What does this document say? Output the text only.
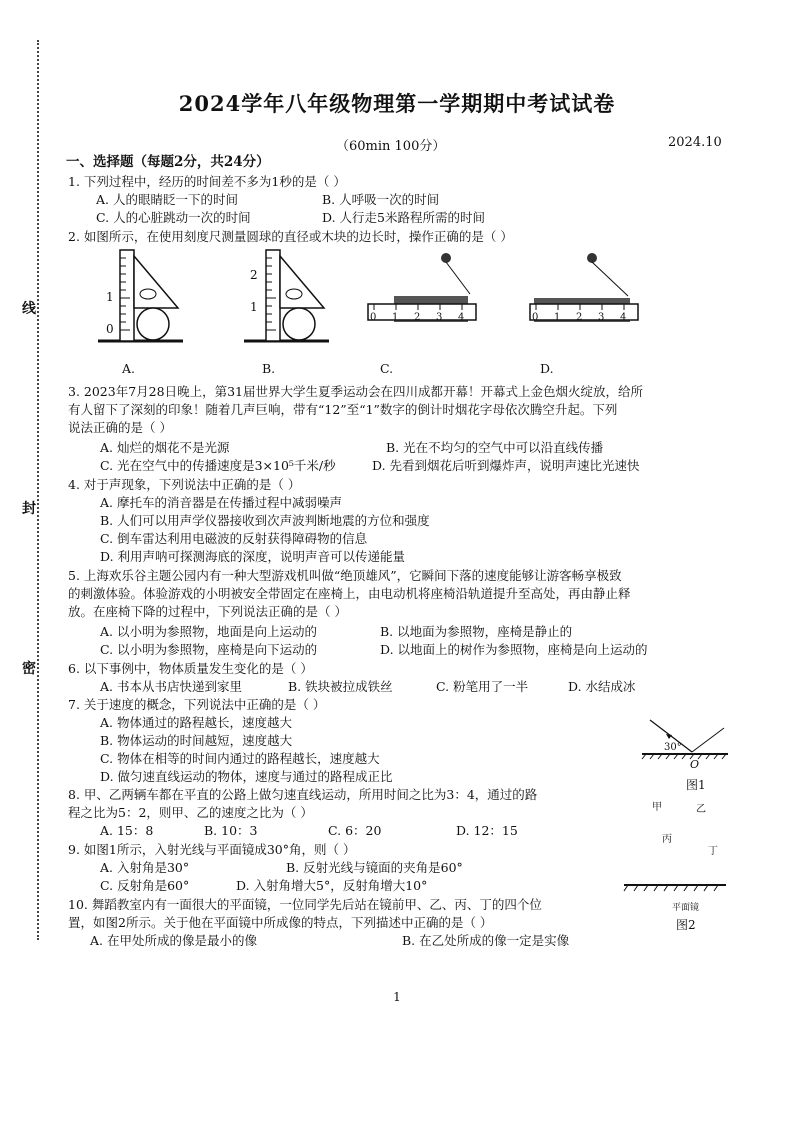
线
封
密
2024学年八年级物理第一学期期中考试试卷
（60min 100分）	2024.10
一、选择题（每题2分，共24分）
1. 下列过程中，经历的时间差不多为1秒的是（ ）
A. 人的眼睛眨一下的时间	B. 人呼吸一次的时间
C. 人的心脏跳动一次的时间	D. 人行走5米路程所需的时间
2. 如图所示，在使用刻度尺测量圆球的直径或木块的边长时，操作正确的是（ ）
1
0
2
1
0 1 2 3 4	0 1 2 3 4
A.	B.	C.	D.
3. 2023年7月28日晚上，第31届世界大学生夏季运动会在四川成都开幕！开幕式上金色烟火绽放，给所
有人留下了深刻的印象！随着几声巨响，带有“12”至“1”数字的倒计时烟花字母依次腾空升起。下列
说法正确的是（ ）
A. 灿烂的烟花不是光源	B. 光在不均匀的空气中可以沿直线传播
C. 光在空气中的传播速度是3×10⁵千米/秒	D. 先看到烟花后听到爆炸声，说明声速比光速快
4. 对于声现象，下列说法中正确的是（ ）
A. 摩托车的消音器是在传播过程中减弱噪声
B. 人们可以用声学仪器接收到次声波判断地震的方位和强度
C. 倒车雷达利用电磁波的反射获得障碍物的信息
D. 利用声呐可探测海底的深度，说明声音可以传递能量
5. 上海欢乐谷主题公园内有一种大型游戏机叫做“绝顶雄风”，它瞬间下落的速度能够让游客畅享极致
的刺激体验。体验游戏的小明被安全带固定在座椅上，由电动机将座椅沿轨道提升至高处，再由静止释
放。在座椅下降的过程中，下列说法正确的是（ ）
A. 以小明为参照物，地面是向上运动的	B. 以地面为参照物，座椅是静止的
C. 以小明为参照物，座椅是向下运动的	D. 以地面上的树作为参照物，座椅是向上运动的
6. 以下事例中，物体质量发生变化的是（ ）
A. 书本从书店快递到家里	B. 铁块被拉成铁丝	C. 粉笔用了一半	D. 水结成冰
7. 关于速度的概念，下列说法中正确的是（ ）
A. 物体通过的路程越长，速度越大
B. 物体运动的时间越短，速度越大
C. 物体在相等的时间内通过的路程越长，速度越大
D. 做匀速直线运动的物体，速度与通过的路程成正比
30°
O
图1
8. 甲、乙两辆车都在平直的公路上做匀速直线运动，所用时间之比为3：4，通过的路
程之比为5：2，则甲、乙的速度之比为（ ）
A. 15：8	B. 10：3	C. 6：20	D. 12：15
甲	乙
丙
丁
平面镜
图2
9. 如图1所示，入射光线与平面镜成30°角，则（ ）
A. 入射角是30°	B. 反射光线与镜面的夹角是60°
C. 反射角是60°	D. 入射角增大5°，反射角增大10°
10. 舞蹈教室内有一面很大的平面镜，一位同学先后站在镜前甲、乙、丙、丁的四个位
置，如图2所示。关于他在平面镜中所成像的特点，下列描述中正确的是（ ）
A. 在甲处所成的像是最小的像	B. 在乙处所成的像一定是实像
1
